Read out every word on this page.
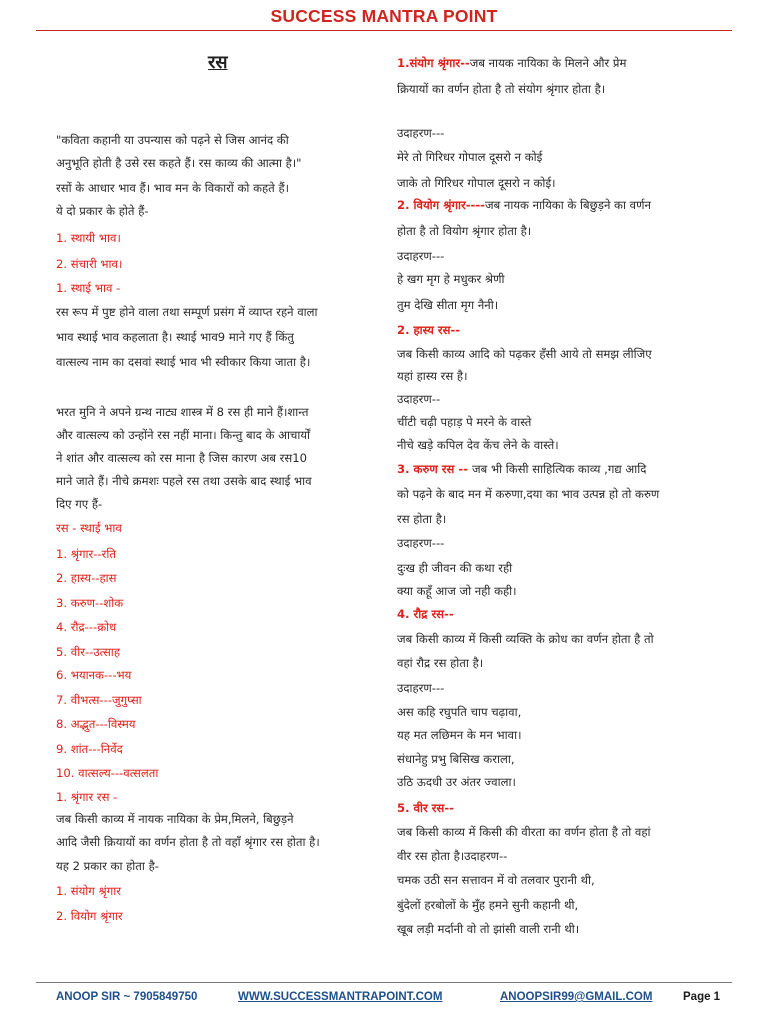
SUCCESS MANTRA POINT
रस
"कविता कहानी या उपन्यास को पढ़ने से जिस आनंद की
अनुभूति होती है उसे रस कहते हैं। रस काव्य की आत्मा है।"
रसों के आधार भाव हैं। भाव मन के विकारों को कहते हैं।
ये दो प्रकार के होते हैं-
1. स्थायी भाव।
2. संचारी भाव।
1. स्थाई भाव -
रस रूप में पुष्ट होने वाला तथा सम्पूर्ण प्रसंग में व्याप्त रहने वाला
भाव स्थाई भाव कहलाता है। स्थाई भाव9 माने गए हैं किंतु
वात्सल्य नाम का दसवां स्थाई भाव भी स्वीकार किया जाता है।
भरत मुनि ने अपने ग्रन्थ नाट्य शास्त्र में 8 रस ही माने हैं।शान्त
और वात्सल्य को उन्होंने रस नहीं माना। किन्तु बाद के आचार्यों
ने शांत और वात्सल्य को रस माना है जिस कारण अब रस10
माने जाते हैं। नीचे क्रमशः पहले रस तथा उसके बाद स्थाई भाव
दिए गए हैं-
रस - स्थाई भाव
1. श्रृंगार--रति
2. हास्य--हास
3. करुण--शोक
4. रौद्र---क्रोध
5. वीर--उत्साह
6. भयानक---भय
7. वीभत्स---जुगुप्सा
8. अद्भुत---विस्मय
9. शांत---निर्वेद
10. वात्सल्य---वत्सलता
1. श्रृंगार रस -
जब किसी काव्य में नायक नायिका के प्रेम,मिलने, बिछुड़ने
आदि जैसी क्रियायों का वर्णन होता है तो वहाँ श्रृंगार रस होता है।
यह 2 प्रकार का होता है-
1. संयोग श्रृंगार
2. वियोग श्रृंगार
1.संयोग श्रृंगार--जब नायक नायिका के मिलने और प्रेम
क्रियायों का वर्णन होता है तो संयोग श्रृंगार होता है।
उदाहरण---
मेरे तो गिरिधर गोपाल दूसरो न कोई
जाके तो गिरिधर गोपाल दूसरो न कोई।
2. वियोग श्रृंगार----जब नायक नायिका के बिछुड़ने का वर्णन
होता है तो वियोग श्रृंगार होता है।
उदाहरण---
हे खग मृग हे मधुकर श्रेणी
तुम देखि सीता मृग नैनी।
2. हास्य रस--
जब किसी काव्य आदि को पढ़कर हँसी आये तो समझ लीजिए
यहां हास्य रस है।
उदाहरण--
चींटी चढ़ी पहाड़ पे मरने के वास्ते
नीचे खड़े कपिल देव केंच लेने के वास्ते।
3. करुण रस -- जब भी किसी साहित्यिक काव्य ,गद्य आदि
को पढ़ने के बाद मन में करुणा,दया का भाव उत्पन्न हो तो करुण
रस होता है।
उदाहरण---
दुःख ही जीवन की कथा रही
क्या कहूँ आज जो नही कही।
4. रौद्र रस--
जब किसी काव्य में किसी व्यक्ति के क्रोध का वर्णन होता है तो
वहां रौद्र रस होता है।
उदाहरण---
अस कहि रघुपति चाप चढ़ावा,
यह मत लछिमन के मन भावा।
संधानेहु प्रभु बिसिख कराला,
उठि ऊदधी उर अंतर ज्वाला।
5. वीर रस--
जब किसी काव्य में किसी की वीरता का वर्णन होता है तो वहां
वीर रस होता है।उदाहरण--
चमक उठी सन सत्तावन में वो तलवार पुरानी थी,
बुंदेलों हरबोलों के मुँह हमने सुनी कहानी थी,
खूब लड़ी मर्दानी वो तो झांसी वाली रानी थी।
ANOOP SIR ~ 7905849750	WWW.SUCCESSMANTRAPOINT.COM	ANOOPSIR99@GMAIL.COM	Page 1
